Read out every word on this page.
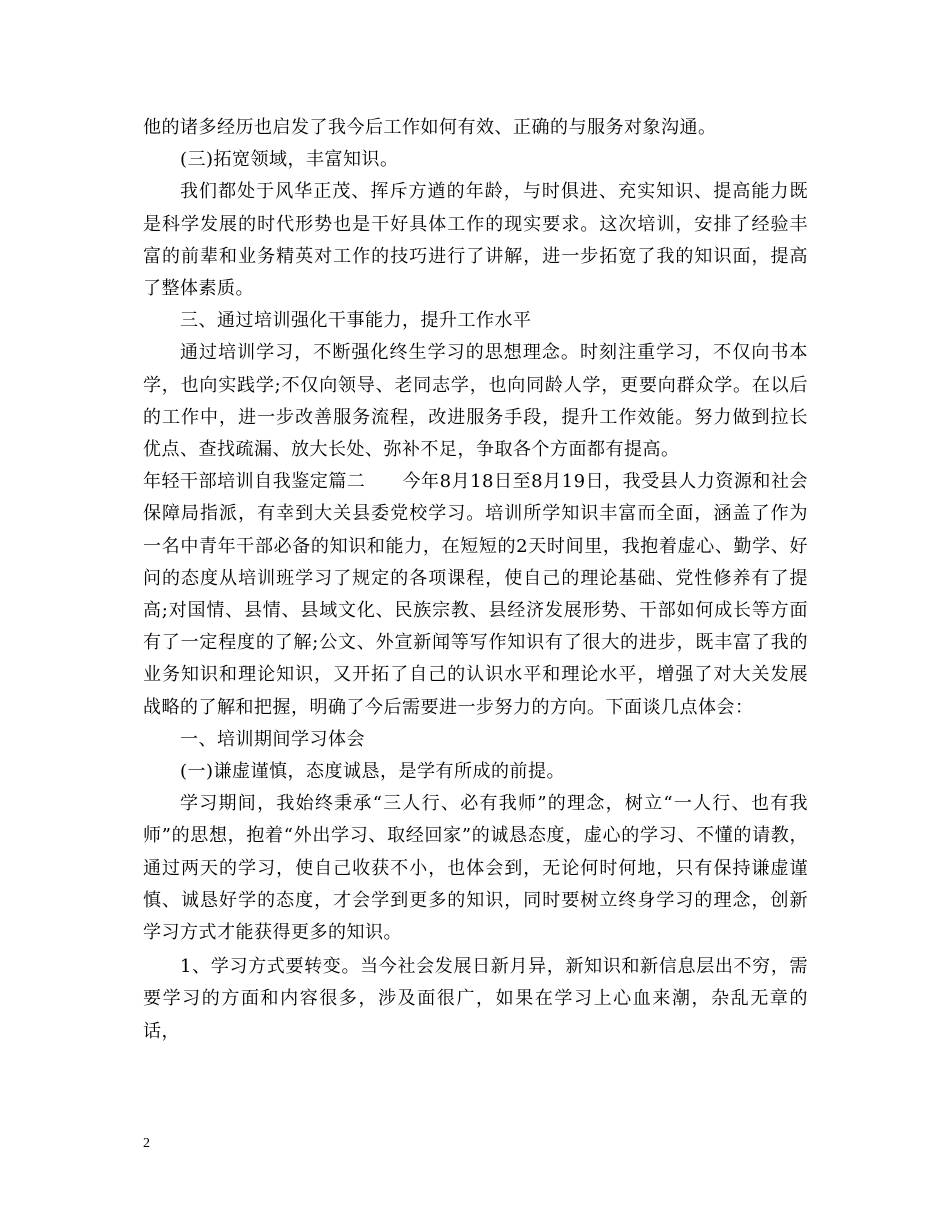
他的诸多经历也启发了我今后工作如何有效、正确的与服务对象沟通。

(三)拓宽领域，丰富知识。

我们都处于风华正茂、挥斥方遒的年龄，与时俱进、充实知识、提高能力既是科学发展的时代形势也是干好具体工作的现实要求。这次培训，安排了经验丰富的前辈和业务精英对工作的技巧进行了讲解，进一步拓宽了我的知识面，提高了整体素质。

三、通过培训强化干事能力，提升工作水平

通过培训学习，不断强化终生学习的思想理念。时刻注重学习，不仅向书本学，也向实践学;不仅向领导、老同志学，也向同龄人学，更要向群众学。在以后的工作中，进一步改善服务流程，改进服务手段，提升工作效能。努力做到拉长优点、查找疏漏、放大长处、弥补不足，争取各个方面都有提高。

年轻干部培训自我鉴定篇二　　今年8月18日至8月19日，我受县人力资源和社会保障局指派，有幸到大关县委党校学习。培训所学知识丰富而全面，涵盖了作为一名中青年干部必备的知识和能力，在短短的2天时间里，我抱着虚心、勤学、好问的态度从培训班学习了规定的各项课程，使自己的理论基础、党性修养有了提高;对国情、县情、县域文化、民族宗教、县经济发展形势、干部如何成长等方面有了一定程度的了解;公文、外宣新闻等写作知识有了很大的进步，既丰富了我的业务知识和理论知识，又开拓了自己的认识水平和理论水平，增强了对大关发展战略的了解和把握，明确了今后需要进一步努力的方向。下面谈几点体会：

一、培训期间学习体会

(一)谦虚谨慎，态度诚恳，是学有所成的前提。

学习期间，我始终秉承“三人行、必有我师”的理念，树立“一人行、也有我师”的思想，抱着“外出学习、取经回家”的诚恳态度，虚心的学习、不懂的请教，通过两天的学习，使自己收获不小，也体会到，无论何时何地，只有保持谦虚谨慎、诚恳好学的态度，才会学到更多的知识，同时要树立终身学习的理念，创新学习方式才能获得更多的知识。

1、学习方式要转变。当今社会发展日新月异，新知识和新信息层出不穷，需要学习的方面和内容很多，涉及面很广，如果在学习上心血来潮，杂乱无章的话，

2
